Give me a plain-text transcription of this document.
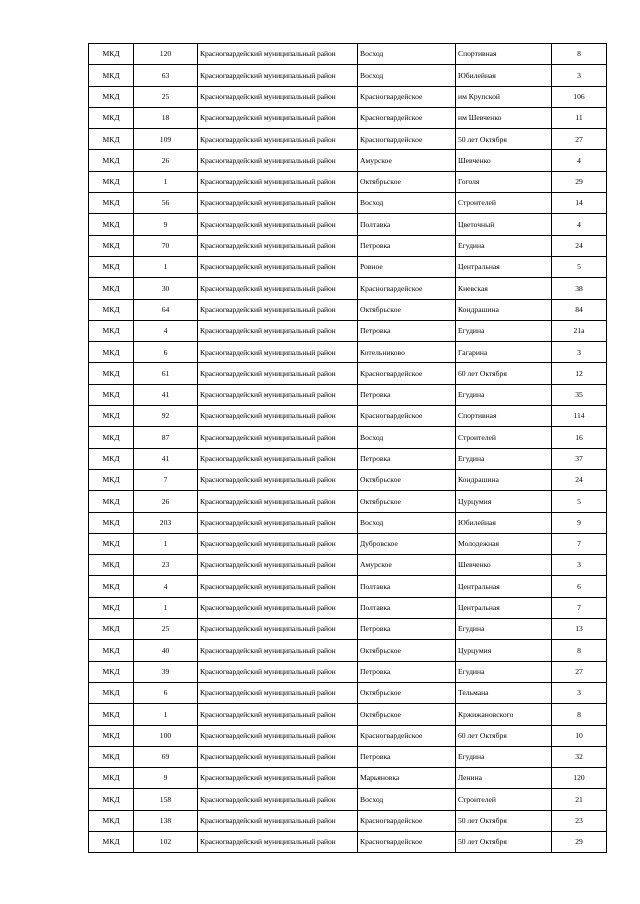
МКД	120	Красногвардейский муниципальный район	Восход	Спортивная	8
МКД	63	Красногвардейский муниципальный район	Восход	Юбилейная	3
МКД	25	Красногвардейский муниципальный район	Красногвардейское	им Крупской	106
МКД	18	Красногвардейский муниципальный район	Красногвардейское	им Шевченко	11
МКД	109	Красногвардейский муниципальный район	Красногвардейское	50 лет Октября	27
МКД	26	Красногвардейский муниципальный район	Амурское	Шевченко	4
МКД	1	Красногвардейский муниципальный район	Октябрьское	Гоголя	29
МКД	56	Красногвардейский муниципальный район	Восход	Строителей	14
МКД	9	Красногвардейский муниципальный район	Полтавка	Цветочный	4
МКД	70	Красногвардейский муниципальный район	Петровка	Егудина	24
МКД	1	Красногвардейский муниципальный район	Ровное	Центральная	5
МКД	30	Красногвардейский муниципальный район	Красногвардейское	Киевская	38
МКД	64	Красногвардейский муниципальный район	Октябрьское	Кондрашина	84
МКД	4	Красногвардейский муниципальный район	Петровка	Егудина	21а
МКД	6	Красногвардейский муниципальный район	Котельниково	Гагарина	3
МКД	61	Красногвардейский муниципальный район	Красногвардейское	60 лет Октября	12
МКД	41	Красногвардейский муниципальный район	Петровка	Егудина	35
МКД	92	Красногвардейский муниципальный район	Красногвардейское	Спортивная	114
МКД	87	Красногвардейский муниципальный район	Восход	Строителей	16
МКД	41	Красногвардейский муниципальный район	Петровка	Егудина	37
МКД	7	Красногвардейский муниципальный район	Октябрьское	Кондрашина	24
МКД	26	Красногвардейский муниципальный район	Октябрьское	Цурцумия	5
МКД	203	Красногвардейский муниципальный район	Восход	Юбилейная	9
МКД	1	Красногвардейский муниципальный район	Дубровское	Молодежная	7
МКД	23	Красногвардейский муниципальный район	Амурское	Шевченко	3
МКД	4	Красногвардейский муниципальный район	Полтавка	Центральная	6
МКД	1	Красногвардейский муниципальный район	Полтавка	Центральная	7
МКД	25	Красногвардейский муниципальный район	Петровка	Егудина	13
МКД	40	Красногвардейский муниципальный район	Октябрьское	Цурцумия	8
МКД	39	Красногвардейский муниципальный район	Петровка	Егудина	27
МКД	6	Красногвардейский муниципальный район	Октябрьское	Тельмана	3
МКД	1	Красногвардейский муниципальный район	Октябрьское	Кржижановского	8
МКД	100	Красногвардейский муниципальный район	Красногвардейское	60 лет Октября	10
МКД	69	Красногвардейский муниципальный район	Петровка	Егудина	32
МКД	9	Красногвардейский муниципальный район	Марьяновка	Ленина	120
МКД	158	Красногвардейский муниципальный район	Восход	Строителей	21
МКД	138	Красногвардейский муниципальный район	Красногвардейское	50 лет Октября	23
МКД	102	Красногвардейский муниципальный район	Красногвардейское	50 лет Октября	29
